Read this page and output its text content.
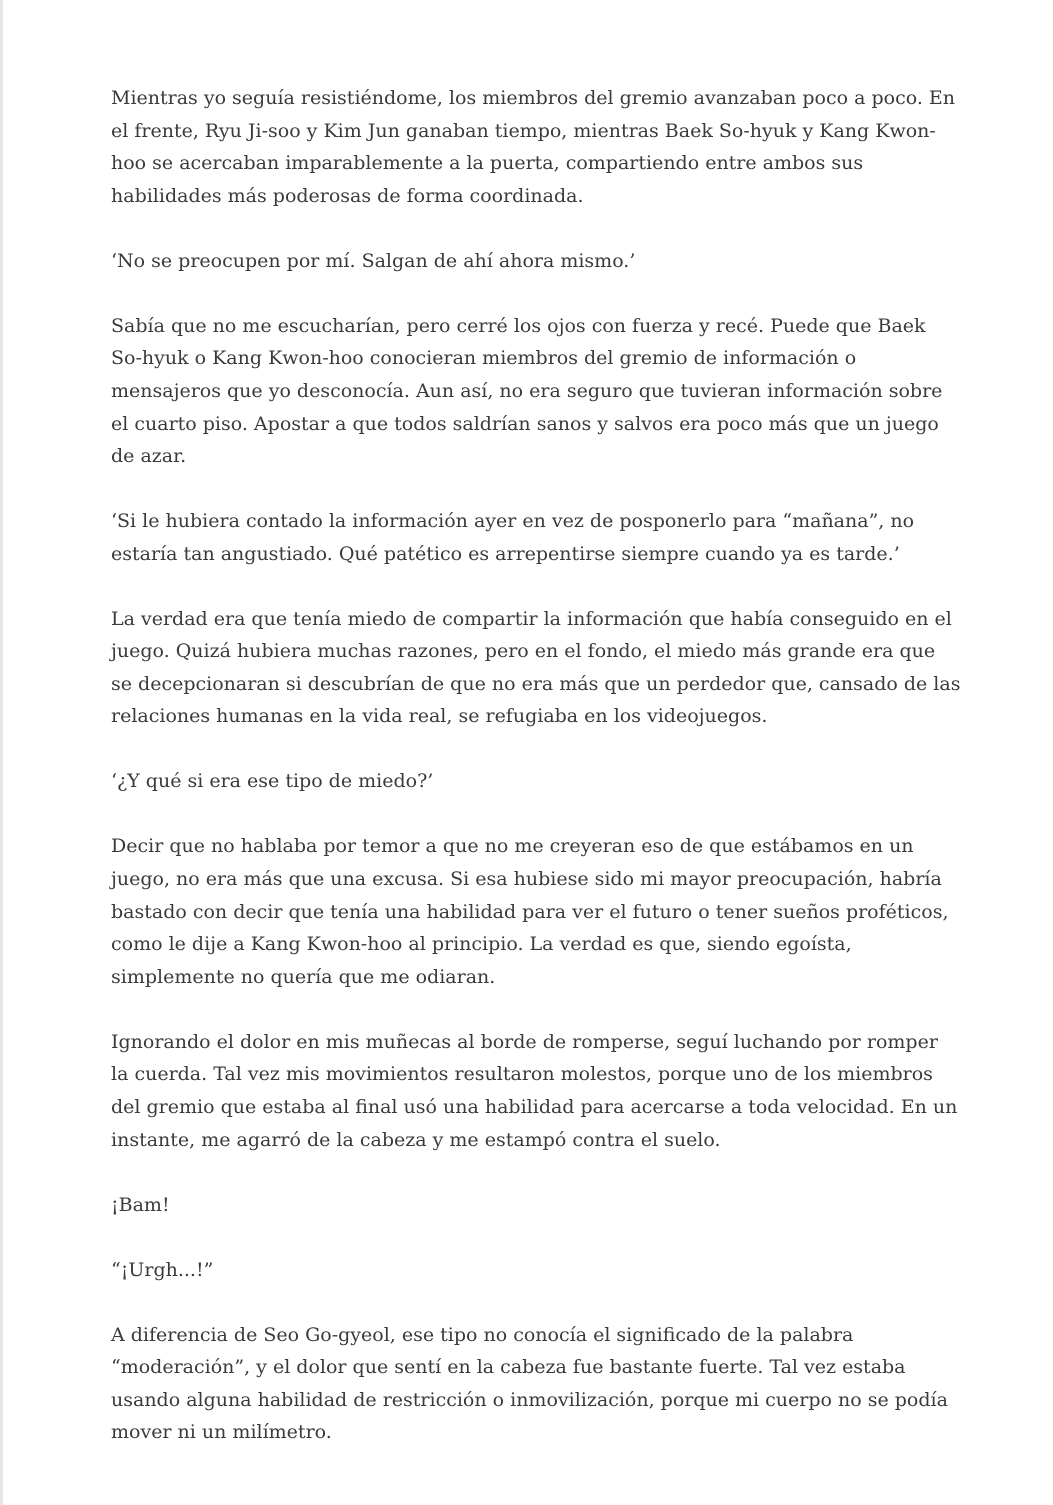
Mientras yo seguía resistiéndome, los miembros del gremio avanzaban poco a poco. En el frente, Ryu Ji-soo y Kim Jun ganaban tiempo, mientras Baek So-hyuk y Kang Kwon-hoo se acercaban imparablemente a la puerta, compartiendo entre ambos sus habilidades más poderosas de forma coordinada.

‘No se preocupen por mí. Salgan de ahí ahora mismo.’

Sabía que no me escucharían, pero cerré los ojos con fuerza y recé. Puede que Baek So-hyuk o Kang Kwon-hoo conocieran miembros del gremio de información o mensajeros que yo desconocía. Aun así, no era seguro que tuvieran información sobre el cuarto piso. Apostar a que todos saldrían sanos y salvos era poco más que un juego de azar.

‘Si le hubiera contado la información ayer en vez de posponerlo para “mañana”, no estaría tan angustiado. Qué patético es arrepentirse siempre cuando ya es tarde.’

La verdad era que tenía miedo de compartir la información que había conseguido en el juego. Quizá hubiera muchas razones, pero en el fondo, el miedo más grande era que se decepcionaran si descubrían de que no era más que un perdedor que, cansado de las relaciones humanas en la vida real, se refugiaba en los videojuegos.

‘¿Y qué si era ese tipo de miedo?’

Decir que no hablaba por temor a que no me creyeran eso de que estábamos en un juego, no era más que una excusa. Si esa hubiese sido mi mayor preocupación, habría bastado con decir que tenía una habilidad para ver el futuro o tener sueños proféticos, como le dije a Kang Kwon-hoo al principio. La verdad es que, siendo egoísta, simplemente no quería que me odiaran.

Ignorando el dolor en mis muñecas al borde de romperse, seguí luchando por romper la cuerda. Tal vez mis movimientos resultaron molestos, porque uno de los miembros del gremio que estaba al final usó una habilidad para acercarse a toda velocidad. En un instante, me agarró de la cabeza y me estampó contra el suelo.

¡Bam!

“¡Urgh...!”

A diferencia de Seo Go-gyeol, ese tipo no conocía el significado de la palabra “moderación”, y el dolor que sentí en la cabeza fue bastante fuerte. Tal vez estaba usando alguna habilidad de restricción o inmovilización, porque mi cuerpo no se podía mover ni un milímetro.
